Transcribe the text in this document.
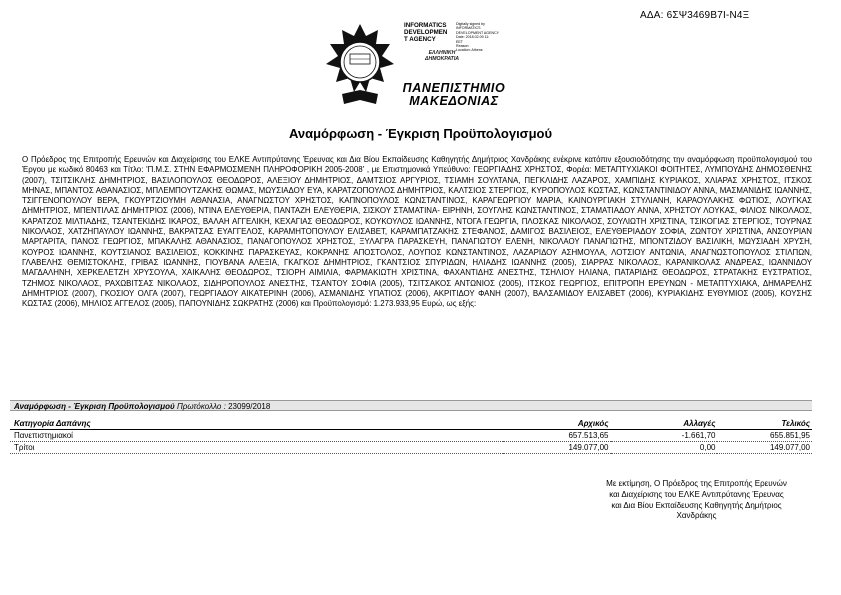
ΑΔΑ: 6ΣΨ3469Β7Ι-Ν4Ξ
INFORMATICS
DEVELOPMEN
T AGENCY
Digitally signed by
INFORMATICS
DEVELOPMENT AGENCY
Date: 2018.02.09 11:
EET
Reason:
Location: Athens
ΕΛΛΗΝΙΚΗ
ΔΗΜΟΚΡΑΤΙΑ
ΠΑΝΕΠΙΣΤΗΜΙΟ
ΜΑΚΕΔΟΝΙΑΣ
Αναμόρφωση - Έγκριση Προϋπολογισμού
Ο Πρόεδρος της Επιτροπής Ερευνών και Διαχείρισης του ΕΛΚΕ Αντιπρύτανης Έρευνας και Δια Βίου Εκπαίδευσης Καθηγητής Δημήτριος Χανδράκης ενέκρινε κατόπιν εξουσιοδότησης την αναμόρφωση προϋπολογισμού του Έργου με κωδικό 80463 και Τίτλο: 'Π.Μ.Σ. ΣΤΗΝ ΕΦΑΡΜΟΣΜΕΝΗ ΠΛΗΡΟΦΟΡΙΚΗ 2005-2008' , με Επιστημονικά Υπεύθυνο: ΓΕΩΡΓΙΑΔΗΣ ΧΡΗΣΤΟΣ, Φορέα: ΜΕΤΑΠΤΥΧΙΑΚΟΙ ΦΟΙΤΗΤΕΣ, ΛΥΜΠΟΥΔΗΣ ΔΗΜΟΣΘΕΝΗΣ (2007), ΤΣΙΤΣΙΚΛΗΣ ΔΗΜΗΤΡΙΟΣ, ΒΑΣΙΛΟΠΟΥΛΟΣ ΘΕΟΔΩΡΟΣ, ΑΛΕΞΙΟΥ ΔΗΜΗΤΡΙΟΣ, ΔΑΜΤΣΙΟΣ ΑΡΓΥΡΙΟΣ, ΤΣΙΑΜΗ ΣΟΥΛΤΑΝΑ, ΠΕΓΚΛΙΔΗΣ ΛΑΖΑΡΟΣ, ΧΑΜΠΙΔΗΣ ΚΥΡΙΑΚΟΣ, ΧΛΙΑΡΑΣ ΧΡΗΣΤΟΣ, ΙΤΣΚΟΣ ΜΗΝΑΣ, ΜΠΑΝΤΟΣ ΑΘΑΝΑΣΙΟΣ, ΜΠΛΕΜΠΟΥΤΖΑΚΗΣ ΘΩΜΑΣ, ΜΩΥΣΙΑΔΟΥ ΕΥΑ, ΚΑΡΑΤΖΟΠΟΥΛΟΣ ΔΗΜΗΤΡΙΟΣ, ΚΑΛΤΣΙΟΣ ΣΤΕΡΓΙΟΣ, ΚΥΡΟΠΟΥΛΟΣ ΚΩΣΤΑΣ, ΚΩΝΣΤΑΝΤΙΝΙΔΟΥ ΑΝΝΑ, ΜΑΣΜΑΝΙΔΗΣ ΙΩΑΝΝΗΣ, ΤΣΙΓΓΕΝΟΠΟΥΛΟΥ ΒΕΡΑ, ΓΚΟΥΡΤΖΙΟΥΜΗ ΑΘΑΝΑΣΙΑ, ΑΝΑΓΝΩΣΤΟΥ ΧΡΗΣΤΟΣ, ΚΑΠΝΟΠΟΥΛΟΣ ΚΩΝΣΤΑΝΤΙΝΟΣ, ΚΑΡΑΓΕΩΡΓΙΟΥ ΜΑΡΙΑ, ΚΑΙΝΟΥΡΓΙΑΚΗ ΣΤΥΛΙΑΝΗ, ΚΑΡΑΟΥΛΑΚΗΣ ΦΩΤΙΟΣ, ΛΟΥΓΚΑΣ ΔΗΜΗΤΡΙΟΣ, ΜΠΕΝΤΙΛΑΣ ΔΗΜΗΤΡΙΟΣ (2006), ΝΤΙΝΑ ΕΛΕΥΘΕΡΙΑ, ΠΑΝΤΑΖΗ ΕΛΕΥΘΕΡΙΑ, ΣΙΣΚΟΥ ΣΤΑΜΑΤΙΝΑ- ΕΙΡΗΝΗ, ΣΟΥΓΛΗΣ ΚΩΝΣΤΑΝΤΙΝΟΣ, ΣΤΑΜΑΤΙΑΔΟΥ ΑΝΝΑ, ΧΡΗΣΤΟΥ ΛΟΥΚΑΣ, ΦΙΛΙΟΣ ΝΙΚΟΛΑΟΣ, ΚΑΡΑΤΖΟΣ ΜΙΛΤΙΑΔΗΣ, ΤΣΑΝΤΕΚΙΔΗΣ ΙΚΑΡΟΣ, ΒΑΛΑΗ ΑΓΓΕΛΙΚΗ, ΚΕΧΑΓΙΑΣ ΘΕΟΔΩΡΟΣ, ΚΟΥΚΟΥΛΟΣ ΙΩΑΝΝΗΣ, ΝΤΟΓΑ ΓΕΩΡΓΙΑ, ΠΛΟΣΚΑΣ ΝΙΚΟΛΑΟΣ, ΣΟΥΛΙΩΤΗ ΧΡΙΣΤΙΝΑ, ΤΣΙΚΟΓΙΑΣ ΣΤΕΡΓΙΟΣ, ΤΟΥΡΝΑΣ ΝΙΚΟΛΑΟΣ, ΧΑΤΖΗΠΑΥΛΟΥ ΙΩΑΝΝΗΣ, ΒΑΚΡΑΤΣΑΣ ΕΥΑΓΓΕΛΟΣ, ΚΑΡΑΜΗΤΟΠΟΥΛΟΥ ΕΛΙΣΑΒΕΤ, ΚΑΡΑΜΠΑΤΖΑΚΗΣ ΣΤΕΦΑΝΟΣ, ΔΑΜΙΓΟΣ ΒΑΣΙΛΕΙΟΣ, ΕΛΕΥΘΕΡΙΑΔΟΥ ΣΟΦΙΑ, ΖΩΝΤΟΥ ΧΡΙΣΤΙΝΑ, ΑΝΣΟΥΡΙΑΝ ΜΑΡΓΑΡΙΤΑ, ΠΑΝΟΣ ΓΕΩΡΓΙΟΣ, ΜΠΑΚΑΛΗΣ ΑΘΑΝΑΣΙΟΣ, ΠΑΝΑΓΟΠΟΥΛΟΣ ΧΡΗΣΤΟΣ, ΞΥΛΑΓΡΑ ΠΑΡΑΣΚΕΥΗ, ΠΑΝΑΓΙΩΤΟΥ ΕΛΕΝΗ, ΝΙΚΟΛΑΟΥ ΠΑΝΑΓΙΩΤΗΣ, ΜΠΟΝΤΖΙΔΟΥ ΒΑΣΙΛΙΚΗ, ΜΩΥΣΙΑΔΗ ΧΡΥΣΗ, ΚΟΥΡΟΣ ΙΩΑΝΝΗΣ, ΚΟΥΤΣΙΑΝΟΣ ΒΑΣΙΛΕΙΟΣ, ΚΟΚΚΙΝΗΣ ΠΑΡΑΣΚΕΥΑΣ, ΚΟΚΡΑΝΗΣ ΑΠΟΣΤΟΛΟΣ, ΛΟΥΠΟΣ ΚΩΝΣΤΑΝΤΙΝΟΣ, ΛΑΖΑΡΙΔΟΥ ΑΣΗΜΟΥΛΑ, ΛΟΤΣΙΟΥ ΑΝΤΩΝΙΑ, ΑΝΑΓΝΩΣΤΟΠΟΥΛΟΣ ΣΤΙΛΠΩΝ, ΓΛΑΒΕΛΗΣ ΘΕΜΙΣΤΟΚΛΗΣ, ΓΡΙΒΑΣ ΙΩΑΝΝΗΣ, ΓΙΟΥΒΑΝΑ ΑΛΕΞΙΑ, ΓΚΑΓΚΟΣ ΔΗΜΗΤΡΙΟΣ, ΓΚΑΝΤΣΙΟΣ ΣΠΥΡΙΔΩΝ, ΗΛΙΑΔΗΣ ΙΩΑΝΝΗΣ (2005), ΣΙΑΡΡΑΣ ΝΙΚΟΛΑΟΣ, ΚΑΡΑΝΙΚΟΛΑΣ ΑΝΔΡΕΑΣ, ΙΩΑΝΝΙΔΟΥ ΜΑΓΔΑΛΗΝΗ, ΧΕΡΚΕΛΕΤΖΗ ΧΡΥΣΟΥΛΑ, ΧΑΙΚΑΛΗΣ ΘΕΟΔΩΡΟΣ, ΤΣΙΟΡΗ ΑΙΜΙΛΙΑ, ΦΑΡΜΑΚΙΩΤΗ ΧΡΙΣΤΙΝΑ, ΦΑΧΑΝΤΙΔΗΣ ΑΝΕΣΤΗΣ, ΤΣΗΛΙΟΥ ΗΛΙΑΝΑ, ΠΑΤΑΡΙΔΗΣ ΘΕΟΔΩΡΟΣ, ΣΤΡΑΤΑΚΗΣ ΕΥΣΤΡΑΤΙΟΣ, ΤΖΗΜΟΣ ΝΙΚΟΛΑΟΣ, ΡΑΧΩΒΙΤΣΑΣ ΝΙΚΟΛΑΟΣ, ΣΙΔΗΡΟΠΟΥΛΟΣ ΑΝΕΣΤΗΣ, ΤΣΑΝΤΟΥ ΣΟΦΙΑ (2005), ΤΣΙΤΣΑΚΟΣ ΑΝΤΩΝΙΟΣ (2005), ΙΤΣΚΟΣ ΓΕΩΡΓΙΟΣ, ΕΠΙΤΡΟΠΗ ΕΡΕΥΝΩΝ - ΜΕΤΑΠΤΥΧΙΑΚΑ, ΔΗΜΑΡΕΛΗΣ ΔΗΜΗΤΡΙΟΣ (2007), ΓΚΟΣΙΟΥ ΟΛΓΑ (2007), ΓΕΩΡΓΙΑΔΟΥ ΑΙΚΑΤΕΡΙΝΗ (2006), ΑΣΜΑΝΙΔΗΣ ΥΠΑΤΙΟΣ (2006), ΑΚΡΙΤΙΔΟΥ ΦΑΝΗ (2007), ΒΑΛΣΑΜΙΔΟΥ ΕΛΙΣΑΒΕΤ (2006), ΚΥΡΙΑΚΙΔΗΣ ΕΥΘΥΜΙΟΣ (2005), ΚΟΥΣΗΣ ΚΩΣΤΑΣ (2006), ΜΗΛΙΟΣ ΑΓΓΕΛΟΣ (2005), ΠΑΠΟΥΝΙΔΗΣ ΣΩΚΡΑΤΗΣ (2006) και Προϋπολογισμό: 1.273.933,95 Ευρώ, ως εξής:
Αναμόρφωση - Έγκριση Προϋπολογισμού Πρωτόκολλο : 23099/2018
Κατηγορία Δαπάνης	Αρχικός	Αλλαγές	Τελικός
Πανεπιστημιακοί	657.513,65	-1.661,70	655.851,95
Τρίτοι	149.077,00	0,00	149.077,00
Με εκτίμηση, Ο Πρόεδρος της Επιτροπής Ερευνών
και Διαχείρισης του ΕΛΚΕ Αντιπρύτανης Έρευνας
και Δια Βίου Εκπαίδευσης Καθηγητής Δημήτριος
Χανδράκης
